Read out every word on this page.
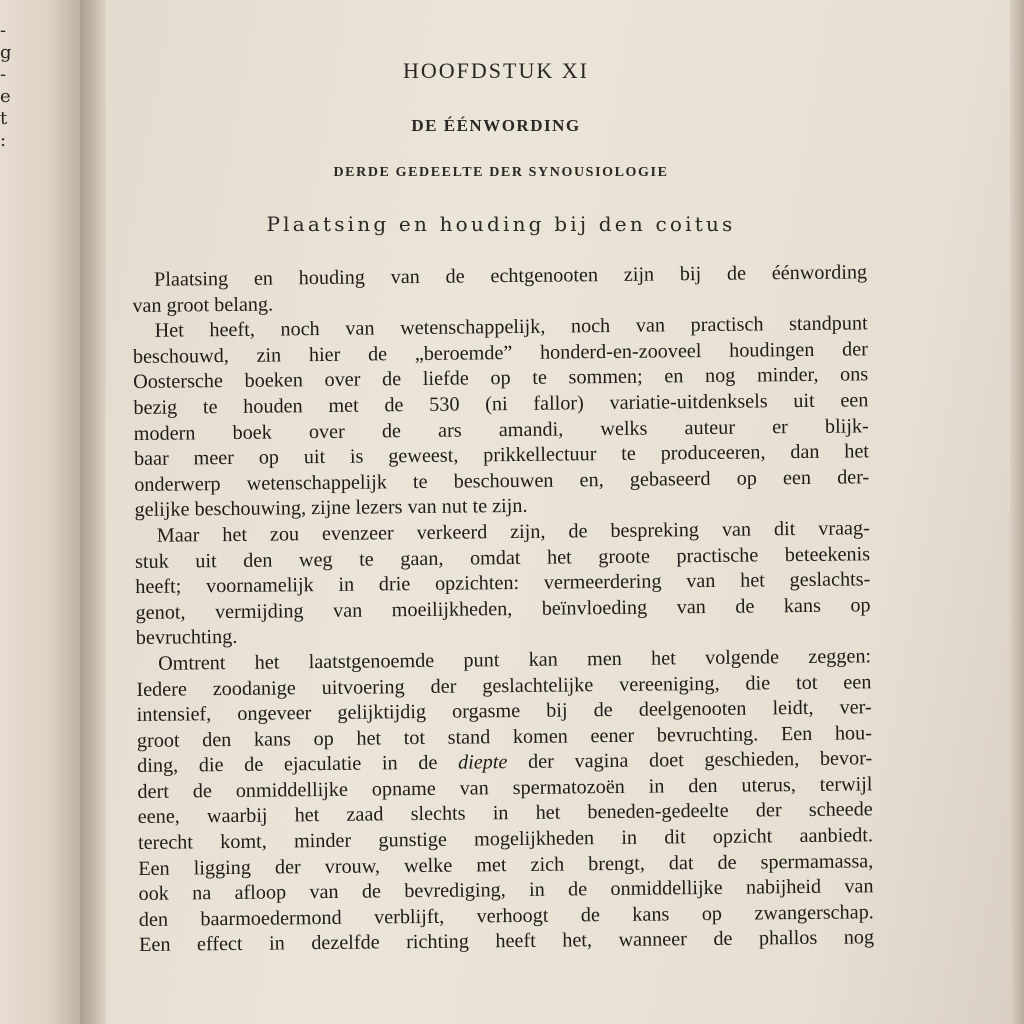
-
g
-
e
t
:
HOOFDSTUK XI
DE ÉÉNWORDING
DERDE GEDEELTE DER SYNOUSIOLOGIE
Plaatsing en houding bij den coitus
Plaatsing en houding van de echtgenooten zijn bij de éénwording
van groot belang.
Het heeft, noch van wetenschappelijk, noch van practisch standpunt
beschouwd, zin hier de „beroemde” honderd-en-zooveel houdingen der
Oostersche boeken over de liefde op te sommen; en nog minder, ons
bezig te houden met de 530 (ni fallor) variatie-uitdenksels uit een
modern boek over de ars amandi, welks auteur er blijk-
baar meer op uit is geweest, prikkellectuur te produceeren, dan het
onderwerp wetenschappelijk te beschouwen en, gebaseerd op een der-
gelijke beschouwing, zijne lezers van nut te zijn.
Maar het zou evenzeer verkeerd zijn, de bespreking van dit vraag-
stuk uit den weg te gaan, omdat het groote practische beteekenis
heeft; voornamelijk in drie opzichten: vermeerdering van het geslachts-
genot, vermijding van moeilijkheden, beïnvloeding van de kans op
bevruchting.
Omtrent het laatstgenoemde punt kan men het volgende zeggen:
Iedere zoodanige uitvoering der geslachtelijke vereeniging, die tot een
intensief, ongeveer gelijktijdig orgasme bij de deelgenooten leidt, ver-
groot den kans op het tot stand komen eener bevruchting. Een hou-
ding, die de ejaculatie in de diepte der vagina doet geschieden, bevor-
dert de onmiddellijke opname van spermatozoën in den uterus, terwijl
eene, waarbij het zaad slechts in het beneden-gedeelte der scheede
terecht komt, minder gunstige mogelijkheden in dit opzicht aanbiedt.
Een ligging der vrouw, welke met zich brengt, dat de spermamassa,
ook na afloop van de bevrediging, in de onmiddellijke nabijheid van
den baarmoedermond verblijft, verhoogt de kans op zwangerschap.
Een effect in dezelfde richting heeft het, wanneer de phallos nog
